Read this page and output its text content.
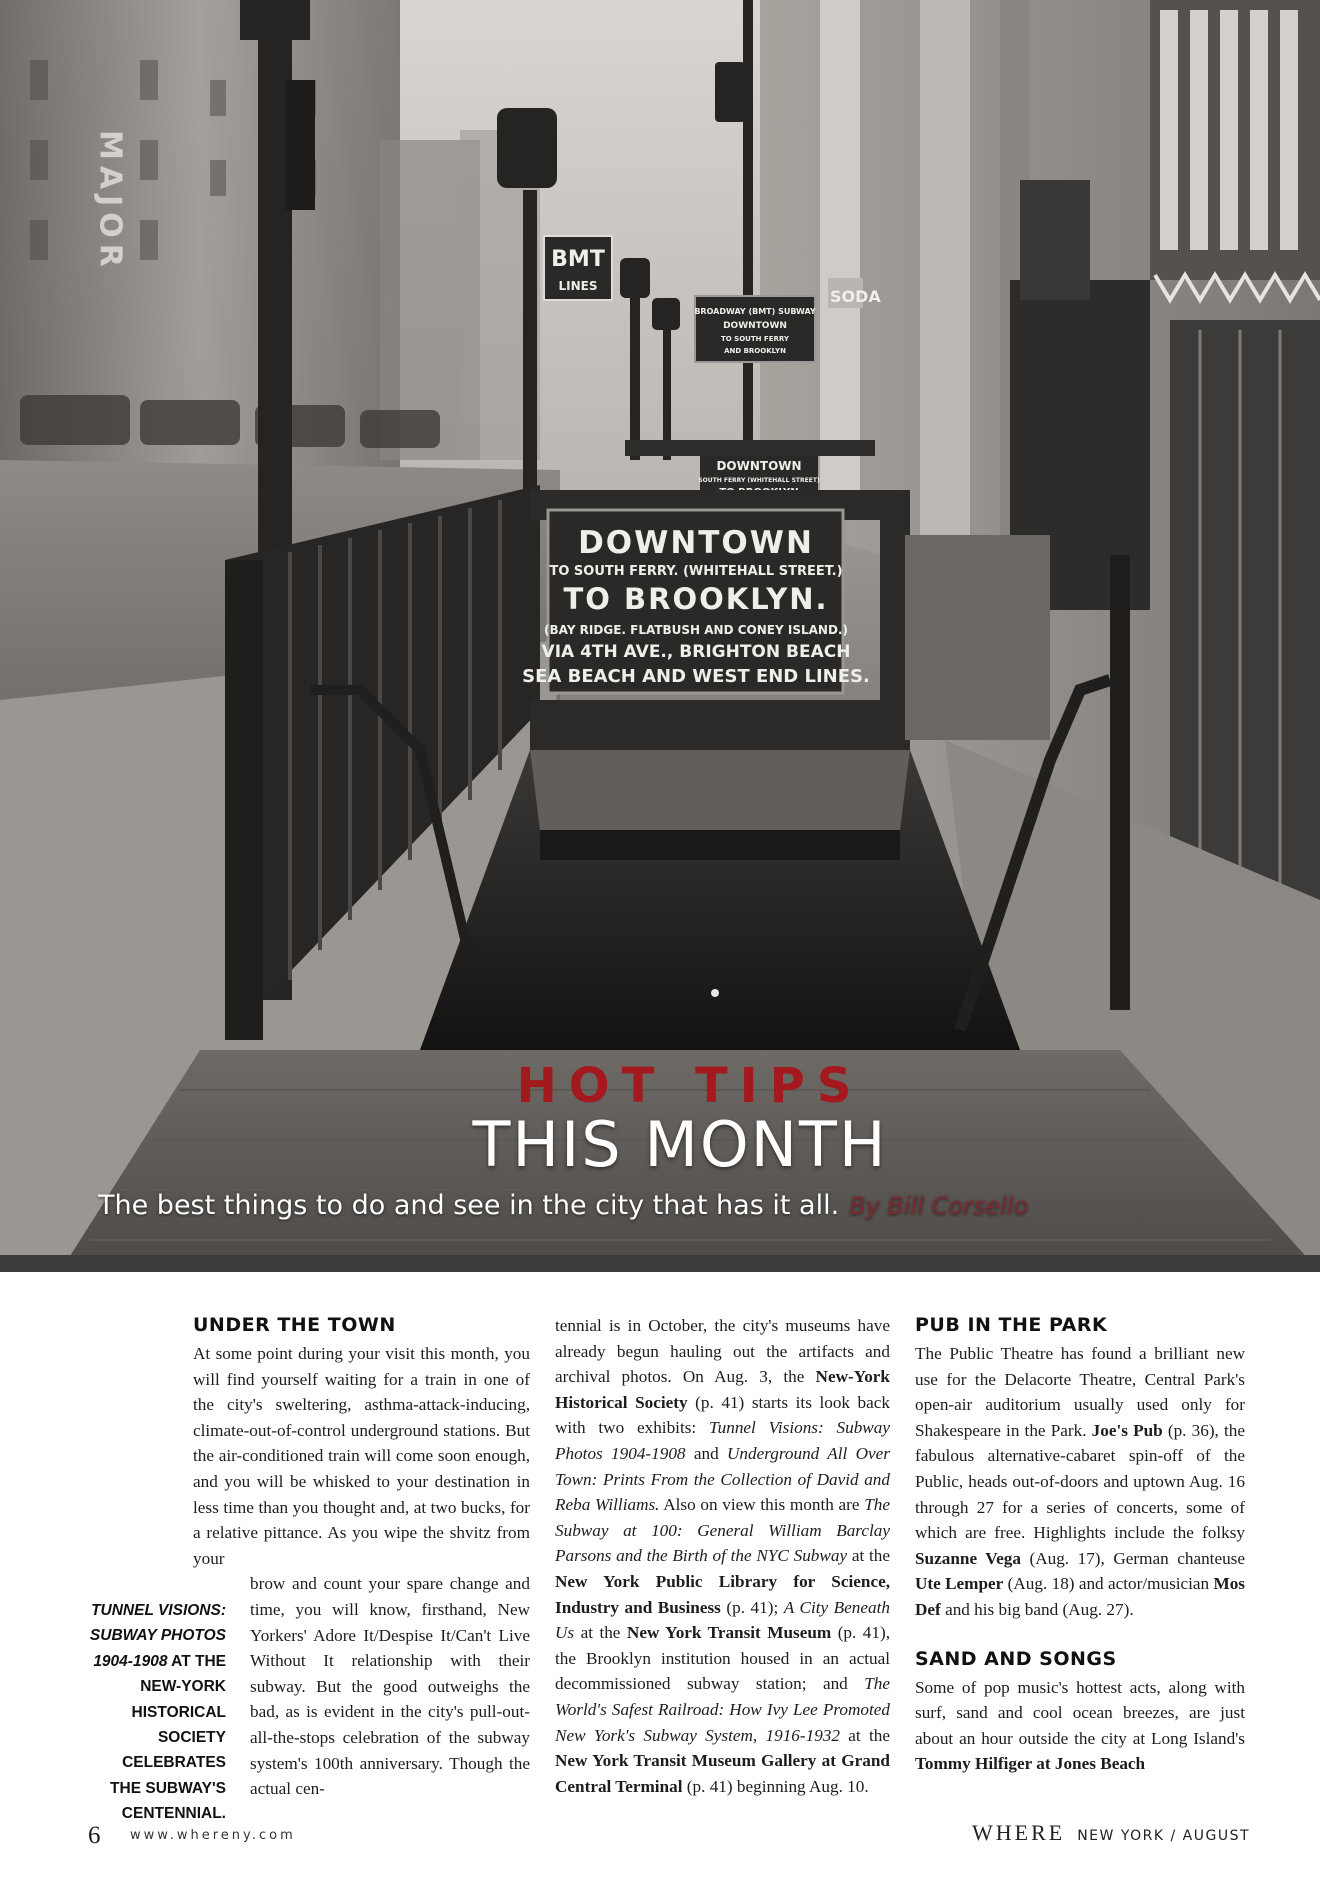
MAJOR
SODA
BMT
LINES
BROADWAY (BMT) SUBWAY
DOWNTOWN
TO SOUTH FERRY
AND BROOKLYN
DOWNTOWN
SOUTH FERRY (WHITEHALL STREET)
DOWNTOWN
TO SOUTH FERRY. (WHITEHALL STREET.)
TO BROOKLYN.
(BAY RIDGE. FLATBUSH AND CONEY ISLAND.)
VIA 4TH AVE., BRIGHTON BEACH
SEA BEACH AND WEST END LINES.
HOT TIPS
THIS MONTH
The best things to do and see in the city that has it all. By Bill Corsello
UNDER THE TOWN

At some point during your visit this month, you will find yourself waiting for a train in one of the city's sweltering, asthma-attack-inducing, climate-out-of-control underground stations. But the air-conditioned train will come soon enough, and you will be whisked to your destination in less time than you thought and, at two bucks, for a relative pittance. As you wipe the shvitz from your

brow and count your spare change and time, you will know, firsthand, New Yorkers' Adore It/Despise It/Can't Live Without It relationship with their subway. But the good outweighs the bad, as is evident in the city's pull-out-all-the-stops celebration of the subway system's 100th anniversary. Though the actual cen-

TUNNEL VISIONS: SUBWAY PHOTOS 1904-1908 AT THE NEW-YORK HISTORICAL SOCIETY CELEBRATES THE SUBWAY'S CENTENNIAL.

tennial is in October, the city's museums have already begun hauling out the artifacts and archival photos. On Aug. 3, the New-York Historical Society (p. 41) starts its look back with two exhibits: Tunnel Visions: Subway Photos 1904-1908 and Underground All Over Town: Prints From the Collection of David and Reba Williams. Also on view this month are The Subway at 100: General William Barclay Parsons and the Birth of the NYC Subway at the New York Public Library for Science, Industry and Business (p. 41); A City Beneath Us at the New York Transit Museum (p. 41), the Brooklyn institution housed in an actual decommissioned subway station; and The World's Safest Railroad: How Ivy Lee Promoted New York's Subway System, 1916-1932 at the New York Transit Museum Gallery at Grand Central Terminal (p. 41) beginning Aug. 10.

PUB IN THE PARK

The Public Theatre has found a brilliant new use for the Delacorte Theatre, Central Park's open-air auditorium usually used only for Shakespeare in the Park. Joe's Pub (p. 36), the fabulous alternative-cabaret spin-off of the Public, heads out-of-doors and uptown Aug. 16 through 27 for a series of concerts, some of which are free. Highlights include the folksy Suzanne Vega (Aug. 17), German chanteuse Ute Lemper (Aug. 18) and actor/musician Mos Def and his big band (Aug. 27).

SAND AND SONGS

Some of pop music's hottest acts, along with surf, sand and cool ocean breezes, are just about an hour outside the city at Long Island's Tommy Hilfiger at Jones Beach

6 www.whereny.com	WHERE NEW YORK / AUGUST
